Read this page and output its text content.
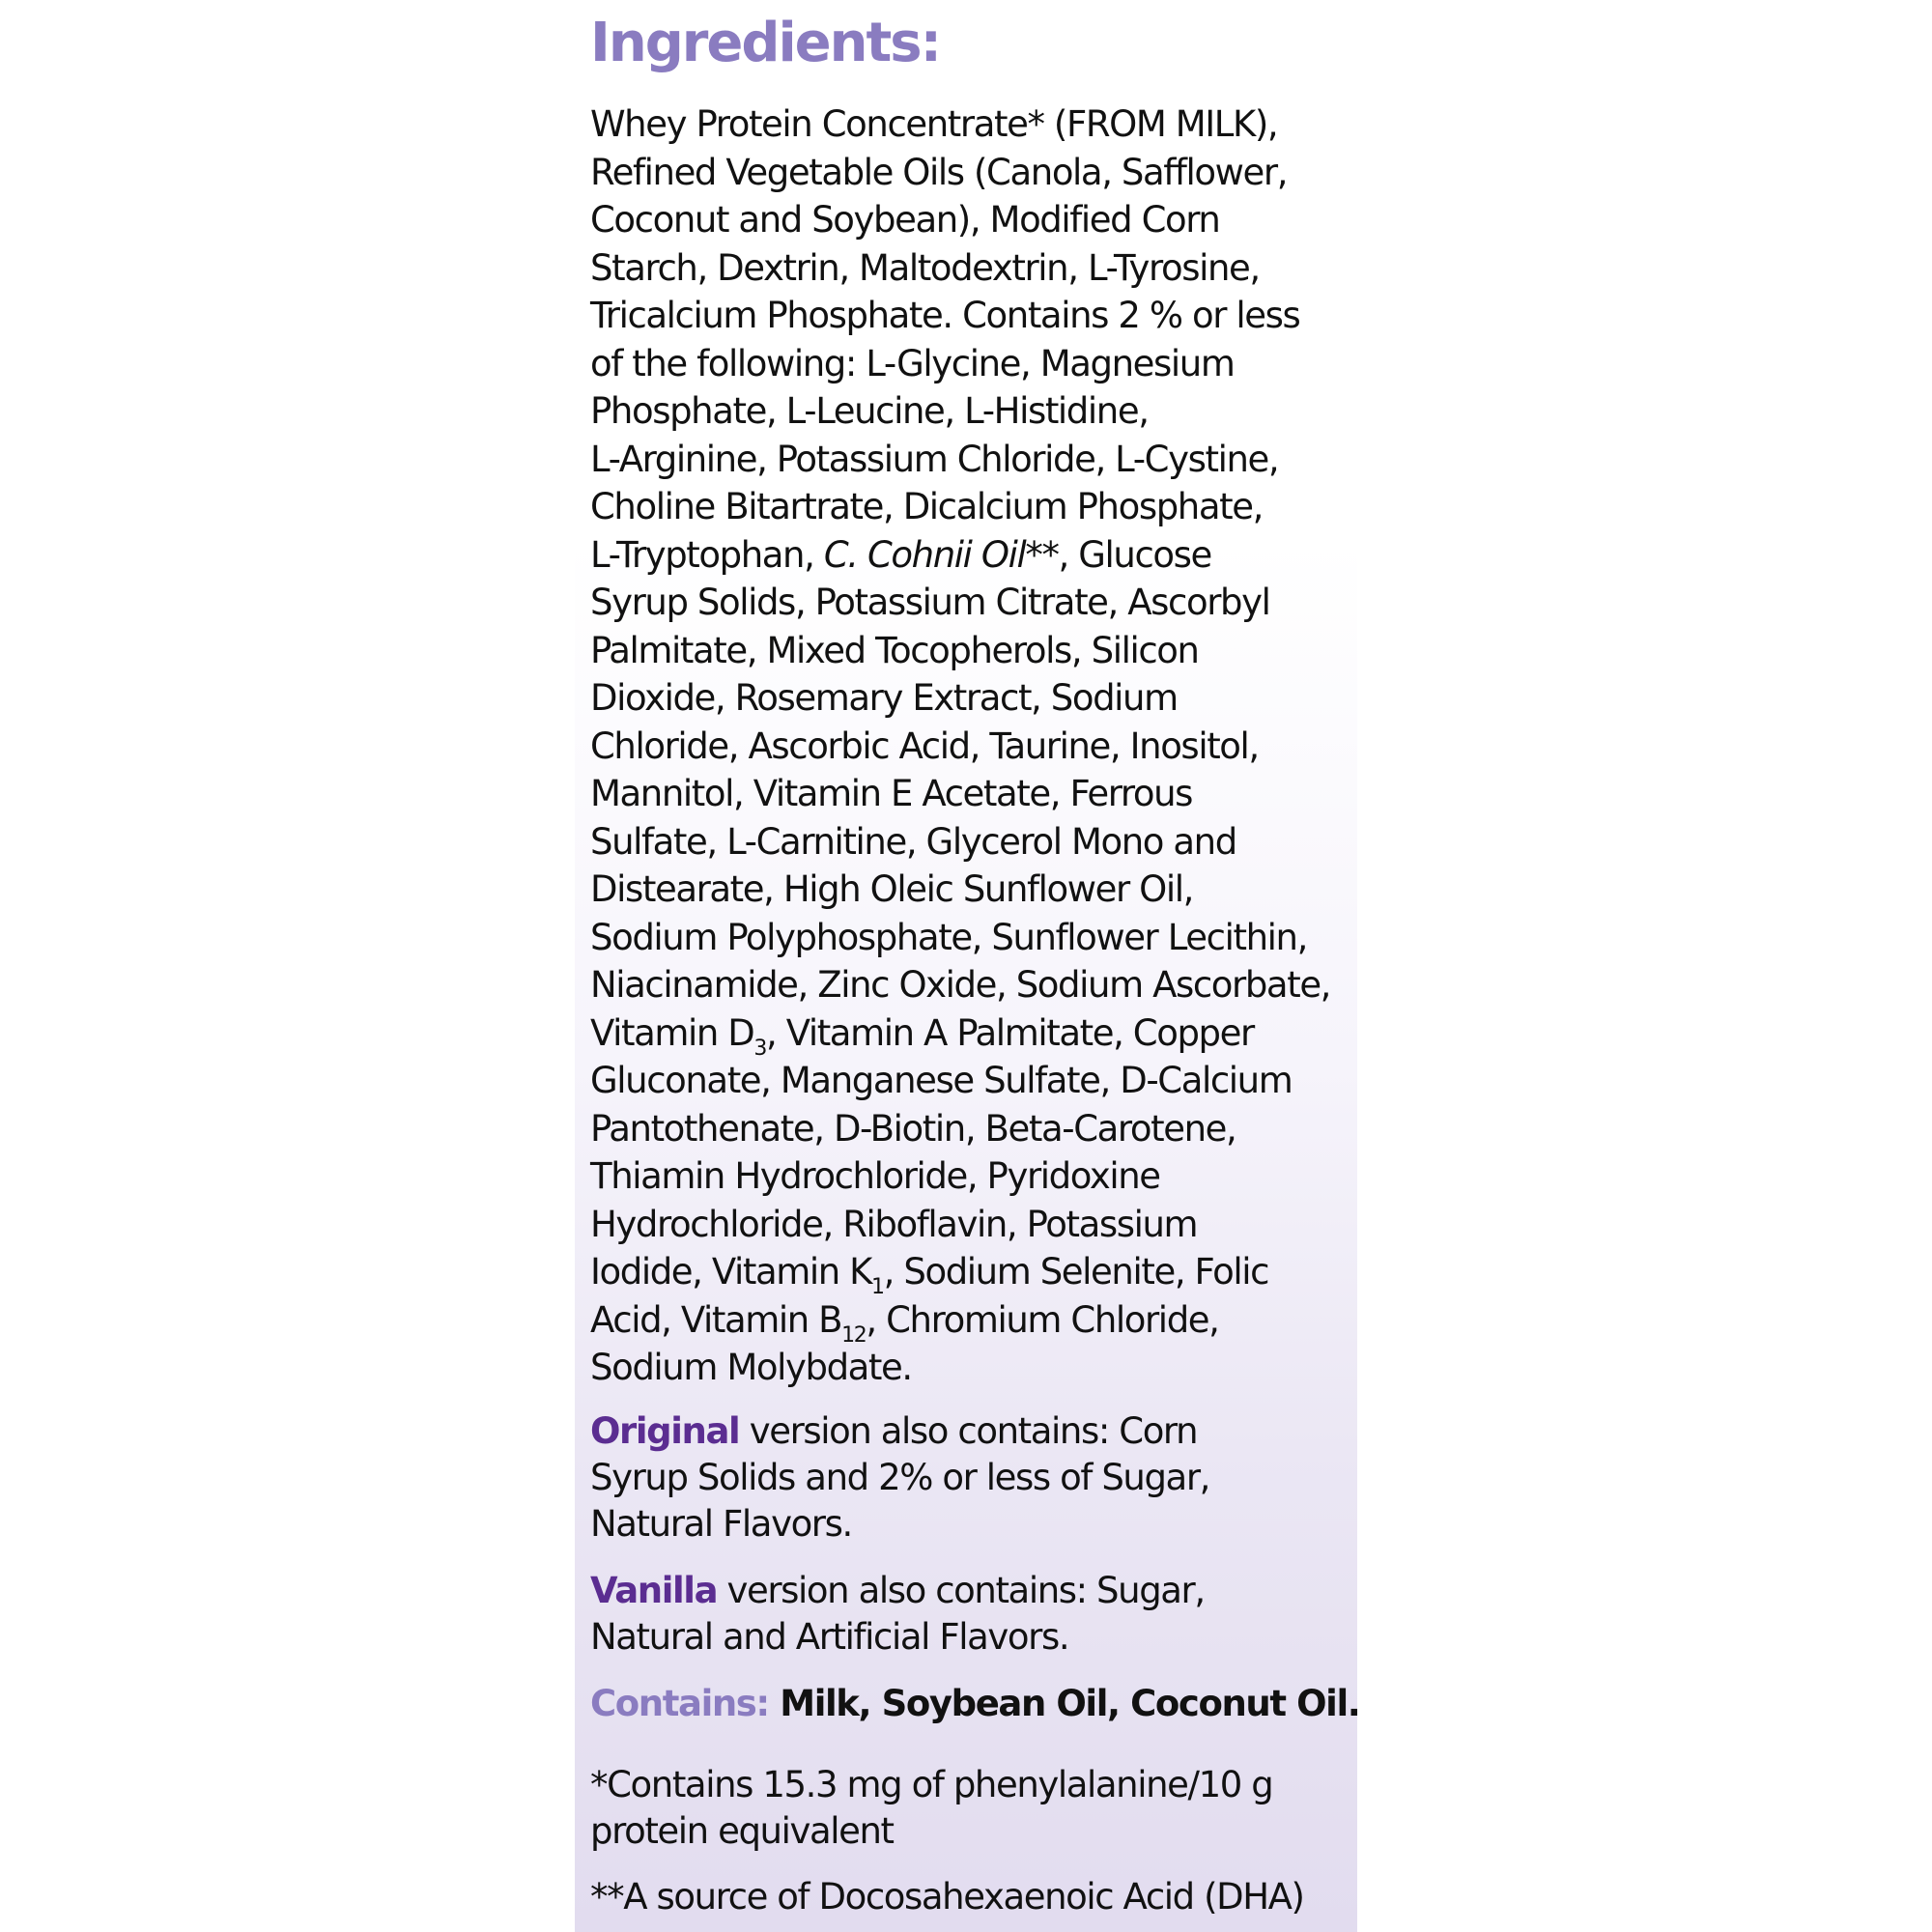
Ingredients:
Whey Protein Concentrate* (FROM MILK),
Refined Vegetable Oils (Canola, Safflower,
Coconut and Soybean), Modified Corn
Starch, Dextrin, Maltodextrin, L-Tyrosine,
Tricalcium Phosphate. Contains 2 % or less
of the following: L-Glycine, Magnesium
Phosphate, L-Leucine, L-Histidine,
L-Arginine, Potassium Chloride, L-Cystine,
Choline Bitartrate, Dicalcium Phosphate,
L-Tryptophan, C. Cohnii Oil**, Glucose
Syrup Solids, Potassium Citrate, Ascorbyl
Palmitate, Mixed Tocopherols, Silicon
Dioxide, Rosemary Extract, Sodium
Chloride, Ascorbic Acid, Taurine, Inositol,
Mannitol, Vitamin E Acetate, Ferrous
Sulfate, L-Carnitine, Glycerol Mono and
Distearate, High Oleic Sunflower Oil,
Sodium Polyphosphate, Sunflower Lecithin,
Niacinamide, Zinc Oxide, Sodium Ascorbate,
Vitamin $D_3$, Vitamin A Palmitate, Copper
Gluconate, Manganese Sulfate, D-Calcium
Pantothenate, D-Biotin, Beta-Carotene,
Thiamin Hydrochloride, Pyridoxine
Hydrochloride, Riboflavin, Potassium
Iodide, Vitamin $K_1$, Sodium Selenite, Folic
Acid, Vitamin $B_{12}$, Chromium Chloride,
Sodium Molybdate.
Original version also contains: Corn
Syrup Solids and 2% or less of Sugar,
Natural Flavors.
Vanilla version also contains: Sugar,
Natural and Artificial Flavors.
Contains: Milk, Soybean Oil, Coconut Oil.
*Contains 15.3 mg of phenylalanine/10 g
protein equivalent
**A source of Docosahexaenoic Acid (DHA)
